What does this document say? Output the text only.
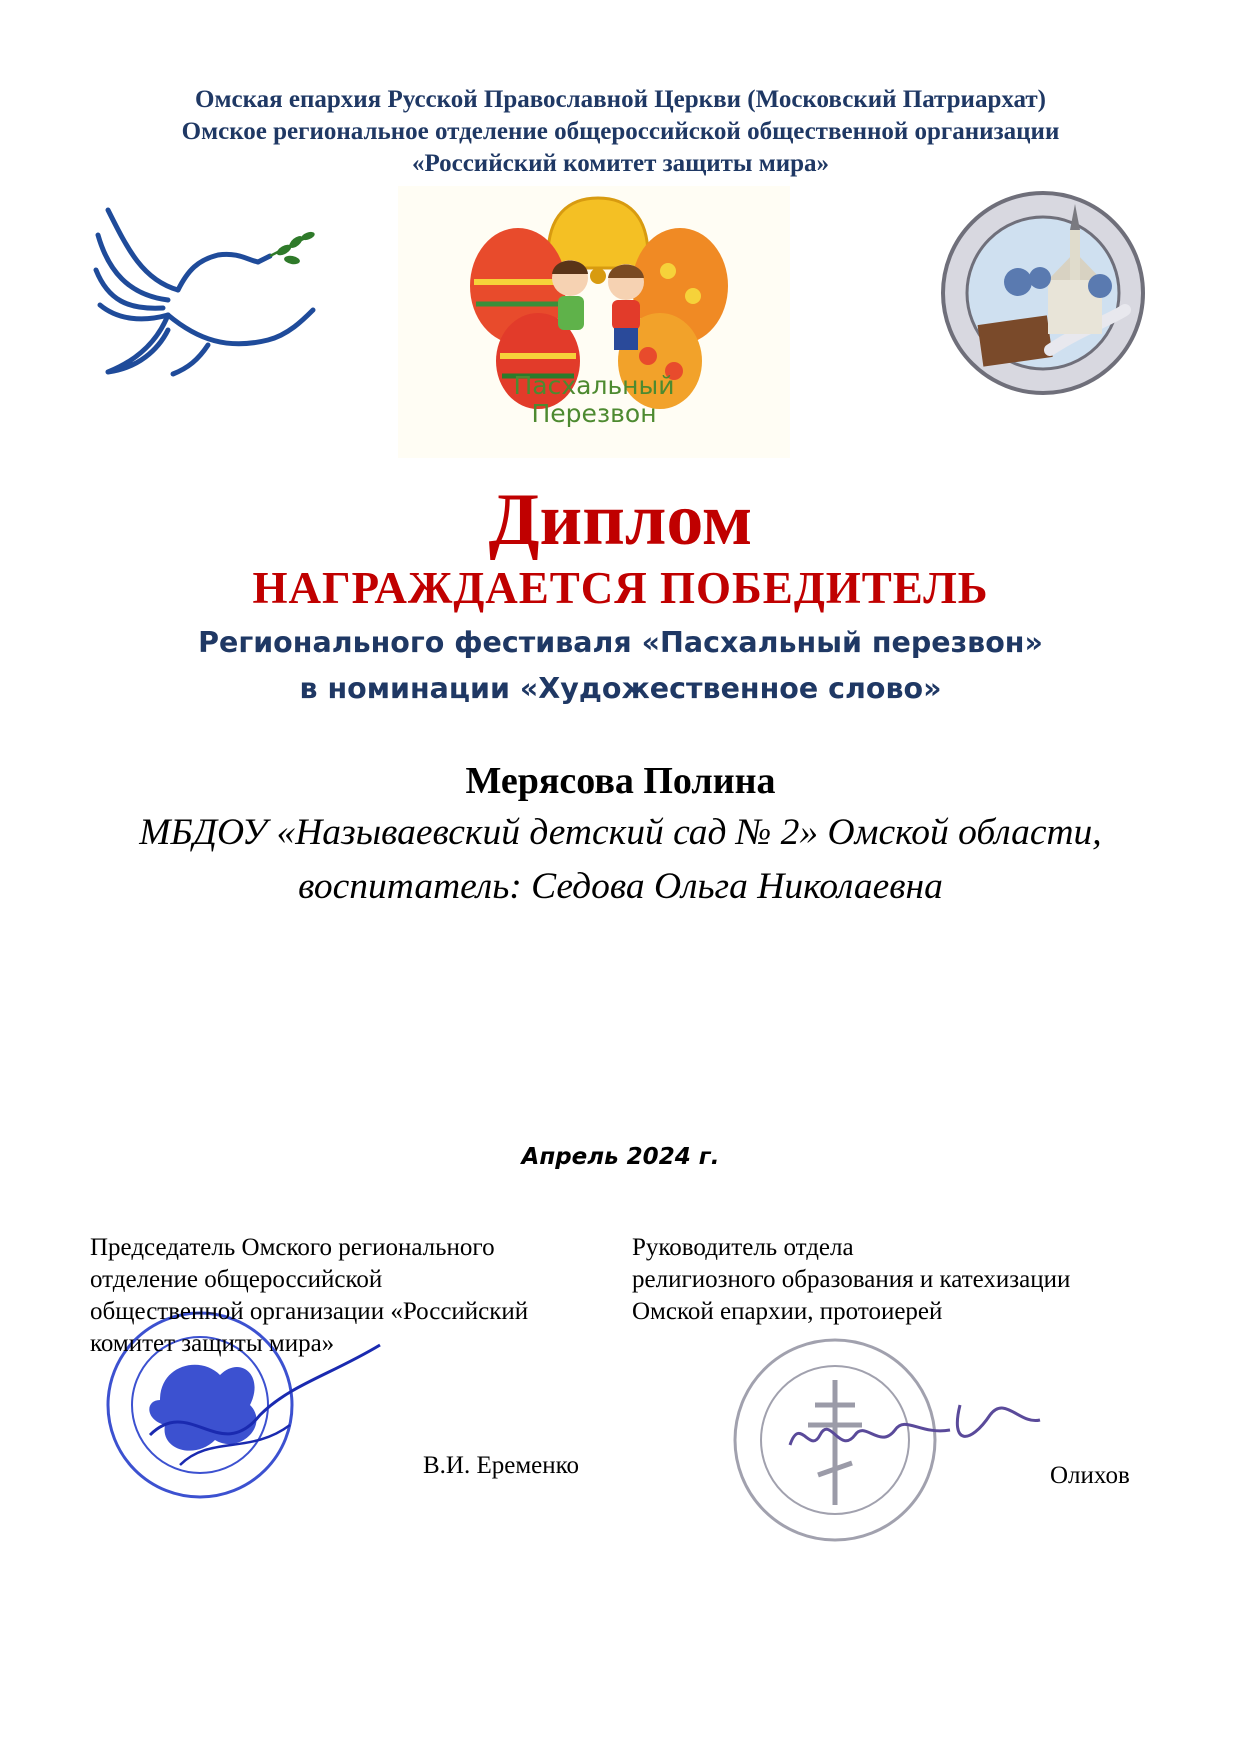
Омская епархия Русской Православной Церкви (Московский Патриархат)
Омское региональное отделение общероссийской общественной организации
«Российский комитет защиты мира»
Пасхальный
Перезвон
Диплом
НАГРАЖДАЕТСЯ ПОБЕДИТЕЛЬ
Регионального фестиваля «Пасхальный перезвон»
в номинации «Художественное слово»
Мерясова Полина
МБДОУ «Называевский детский сад № 2» Омской области,
воспитатель: Седова Ольга Николаевна
Апрель 2024 г.
Председатель Омского регионального
отделение общероссийской
общественной организации «Российский
комитет защиты мира»
В.И. Еременко
Руководитель отдела
религиозного образования и катехизации
Омской епархии, протоиерей
Олихов
